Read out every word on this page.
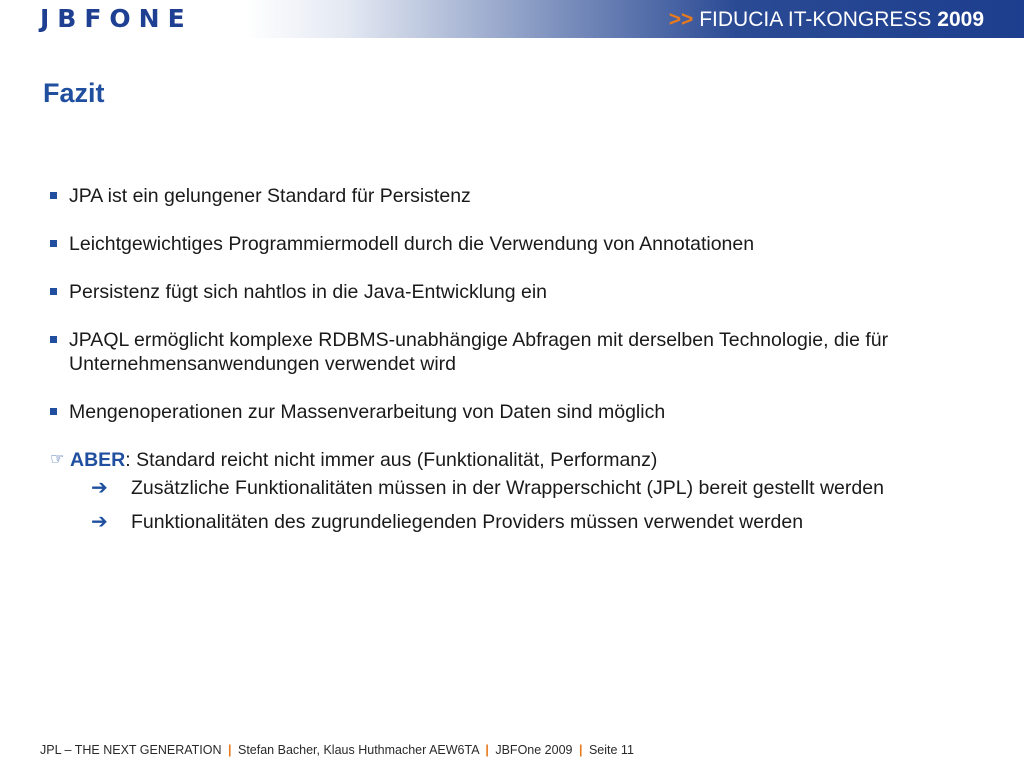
JBFONE	>> FIDUCIA IT-KONGRESS 2009
Fazit
JPA ist ein gelungener Standard für Persistenz
Leichtgewichtiges Programmiermodell durch die Verwendung von Annotationen
Persistenz fügt sich nahtlos in die Java-Entwicklung ein
JPAQL ermöglicht komplexe RDBMS-unabhängige Abfragen mit derselben Technologie, die für Unternehmensanwendungen verwendet wird
Mengenoperationen zur Massenverarbeitung von Daten sind möglich
☞ ABER: Standard reicht nicht immer aus (Funktionalität, Performanz)
➔	Zusätzliche Funktionalitäten müssen in der Wrapperschicht (JPL) bereit gestellt werden
➔	Funktionalitäten des zugrundeliegenden Providers müssen verwendet werden
JPL – THE NEXT GENERATION | Stefan Bacher, Klaus Huthmacher AEW6TA | JBFOne 2009 | Seite 11
